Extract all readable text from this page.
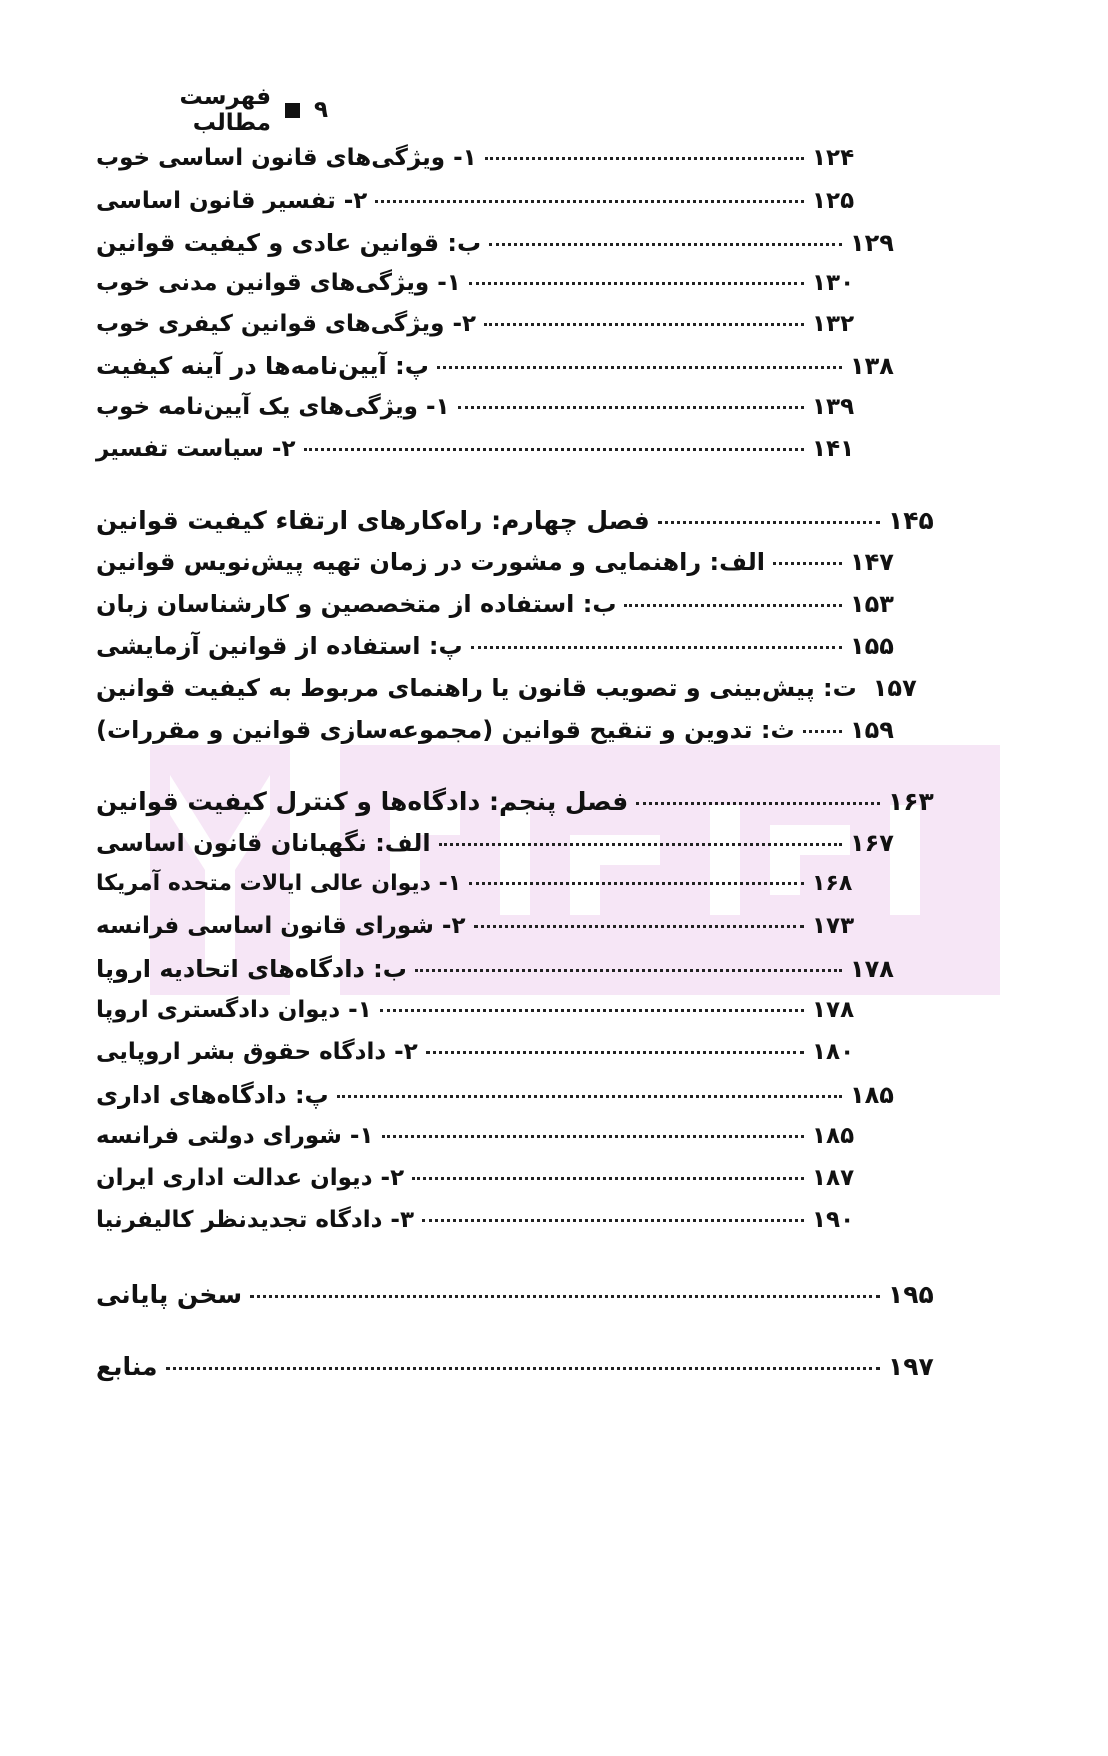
فهرست مطالب ۹
۱- ویژگی‌های قانون اساسی خوب	۱۲۴
۲- تفسیر قانون اساسی	۱۲۵
ب: قوانین عادی و کیفیت قوانین	۱۲۹
۱- ویژگی‌های قوانین مدنی خوب	۱۳۰
۲- ویژگی‌های قوانین کیفری خوب	۱۳۲
پ: آیین‌نامه‌ها در آینه کیفیت	۱۳۸
۱- ویژگی‌های یک آیین‌نامه خوب	۱۳۹
۲- سیاست تفسیر	۱۴۱
فصل چهارم: راه‌کارهای ارتقاء کیفیت قوانین	۱۴۵
الف: راهنمایی و مشورت در زمان تهیه پیش‌نویس قوانین	۱۴۷
ب: استفاده از متخصصین و کارشناسان زبان	۱۵۳
پ: استفاده از قوانین آزمایشی	۱۵۵
ت: پیش‌بینی و تصویب قانون یا راهنمای مربوط به کیفیت قوانین ۱۵۷
ث: تدوین و تنقیح قوانین (مجموعه‌سازی قوانین و مقررات) ۱۵۹
فصل پنجم: دادگاه‌ها و کنترل کیفیت قوانین	۱۶۳
الف: نگهبانان قانون اساسی	۱۶۷
۱- دیوان عالی ایالات متحده آمریکا	۱۶۸
۲- شورای قانون اساسی فرانسه	۱۷۳
ب: دادگاه‌های اتحادیه اروپا	۱۷۸
۱- دیوان دادگستری اروپا	۱۷۸
۲- دادگاه حقوق بشر اروپایی	۱۸۰
پ: دادگاه‌های اداری	۱۸۵
۱- شورای دولتی فرانسه	۱۸۵
۲- دیوان عدالت اداری ایران	۱۸۷
۳- دادگاه تجدیدنظر کالیفرنیا	۱۹۰
سخن پایانی	۱۹۵
منابع	۱۹۷
